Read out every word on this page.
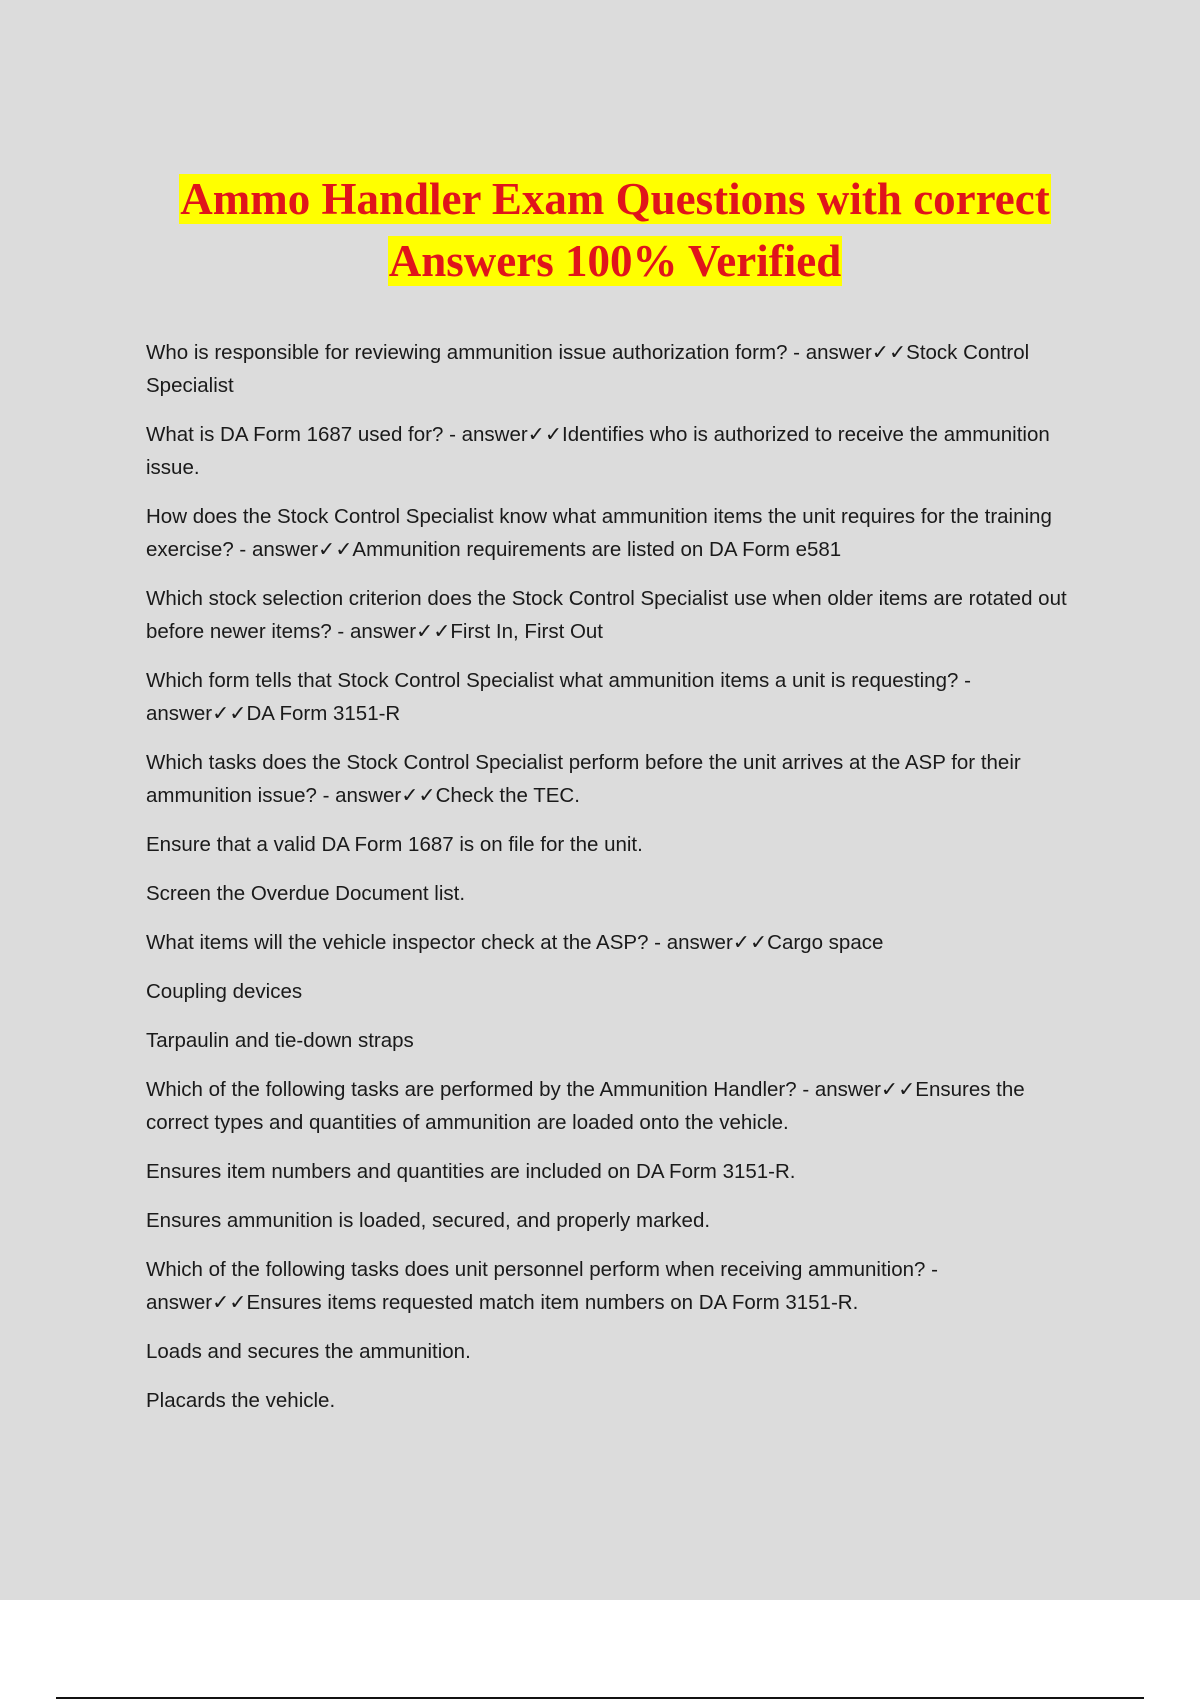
Ammo Handler Exam Questions with correct
Answers 100% Verified

Who is responsible for reviewing ammunition issue authorization form? - answer✓✓Stock Control Specialist

What is DA Form 1687 used for? - answer✓✓Identifies who is authorized to receive the ammunition issue.

How does the Stock Control Specialist know what ammunition items the unit requires for the training exercise? - answer✓✓Ammunition requirements are listed on DA Form e581

Which stock selection criterion does the Stock Control Specialist use when older items are rotated out before newer items? - answer✓✓First In, First Out

Which form tells that Stock Control Specialist what ammunition items a unit is requesting? - answer✓✓DA Form 3151-R

Which tasks does the Stock Control Specialist perform before the unit arrives at the ASP for their ammunition issue? - answer✓✓Check the TEC.

Ensure that a valid DA Form 1687 is on file for the unit.

Screen the Overdue Document list.

What items will the vehicle inspector check at the ASP? - answer✓✓Cargo space

Coupling devices

Tarpaulin and tie-down straps

Which of the following tasks are performed by the Ammunition Handler? - answer✓✓Ensures the correct types and quantities of ammunition are loaded onto the vehicle.

Ensures item numbers and quantities are included on DA Form 3151-R.

Ensures ammunition is loaded, secured, and properly marked.

Which of the following tasks does unit personnel perform when receiving ammunition? - answer✓✓Ensures items requested match item numbers on DA Form 3151-R.

Loads and secures the ammunition.

Placards the vehicle.
